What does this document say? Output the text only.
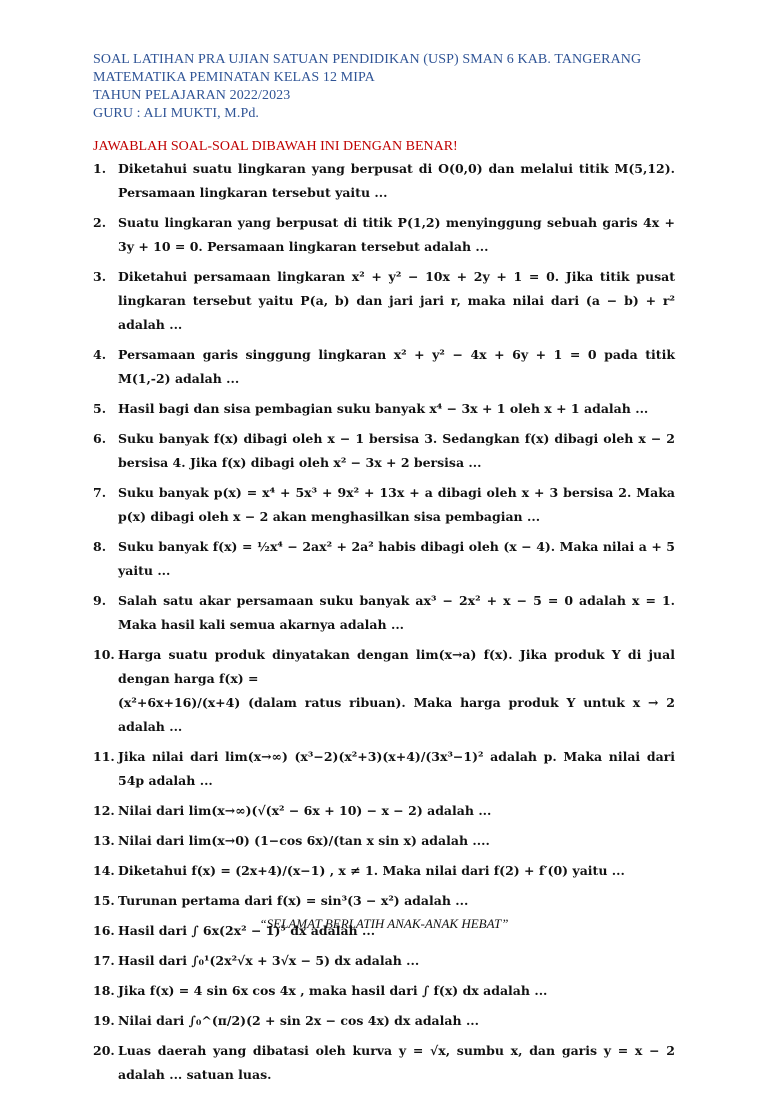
SOAL LATIHAN PRA UJIAN SATUAN PENDIDIKAN (USP) SMAN 6 KAB. TANGERANG
MATEMATIKA PEMINATAN KELAS 12 MIPA
TAHUN PELAJARAN 2022/2023
GURU : ALI MUKTI, M.Pd.
JAWABLAH SOAL-SOAL DIBAWAH INI DENGAN BENAR!
1. Diketahui suatu lingkaran yang berpusat di O(0,0) dan melalui titik M(5,12). Persamaan lingkaran tersebut yaitu ...
2. Suatu lingkaran yang berpusat di titik P(1,2) menyinggung sebuah garis 4x + 3y + 10 = 0. Persamaan lingkaran tersebut adalah ...
3. Diketahui persamaan lingkaran x² + y² − 10x + 2y + 1 = 0. Jika titik pusat lingkaran tersebut yaitu P(a, b) dan jari jari r, maka nilai dari (a − b) + r² adalah ...
4. Persamaan garis singgung lingkaran x² + y² − 4x + 6y + 1 = 0 pada titik M(1,-2) adalah ...
5. Hasil bagi dan sisa pembagian suku banyak x⁴ − 3x + 1 oleh x + 1 adalah ...
6. Suku banyak f(x) dibagi oleh x − 1 bersisa 3. Sedangkan f(x) dibagi oleh x − 2 bersisa 4. Jika f(x) dibagi oleh x² − 3x + 2 bersisa ...
7. Suku banyak p(x) = x⁴ + 5x³ + 9x² + 13x + a dibagi oleh x + 3 bersisa 2. Maka p(x) dibagi oleh x − 2 akan menghasilkan sisa pembagian ...
8. Suku banyak f(x) = ½x⁴ − 2ax² + 2a² habis dibagi oleh (x − 4). Maka nilai a + 5 yaitu ...
9. Salah satu akar persamaan suku banyak ax³ − 2x² + x − 5 = 0 adalah x = 1. Maka hasil kali semua akarnya adalah ...
10. Harga suatu produk dinyatakan dengan lim(x→a) f(x). Jika produk Y di jual dengan harga f(x) =
(x²+6x+16)/(x+4) (dalam ratus ribuan). Maka harga produk Y untuk x → 2 adalah ...
11. Jika nilai dari lim(x→∞) (x³−2)(x²+3)(x+4)/(3x³−1)² adalah p. Maka nilai dari 54p adalah ...
12. Nilai dari lim(x→∞)(√(x² − 6x + 10) − x − 2) adalah ...
13. Nilai dari lim(x→0) (1−cos 6x)/(tan x sin x) adalah ....
14. Diketahui f(x) = (2x+4)/(x−1) , x ≠ 1. Maka nilai dari f(2) + f′(0) yaitu ...
15. Turunan pertama dari f(x) = sin³(3 − x²) adalah ...
16. Hasil dari ∫ 6x(2x² − 1)⁵ dx adalah ...
17. Hasil dari ∫₀¹(2x²√x + 3√x − 5) dx adalah ...
18. Jika f(x) = 4 sin 6x cos 4x , maka hasil dari ∫ f(x) dx adalah ...
19. Nilai dari ∫₀^(π/2)(2 + sin 2x − cos 4x) dx adalah ...
20. Luas daerah yang dibatasi oleh kurva y = √x, sumbu x, dan garis y = x − 2 adalah ... satuan luas.
“SELAMAT BERLATIH ANAK-ANAK HEBAT”
